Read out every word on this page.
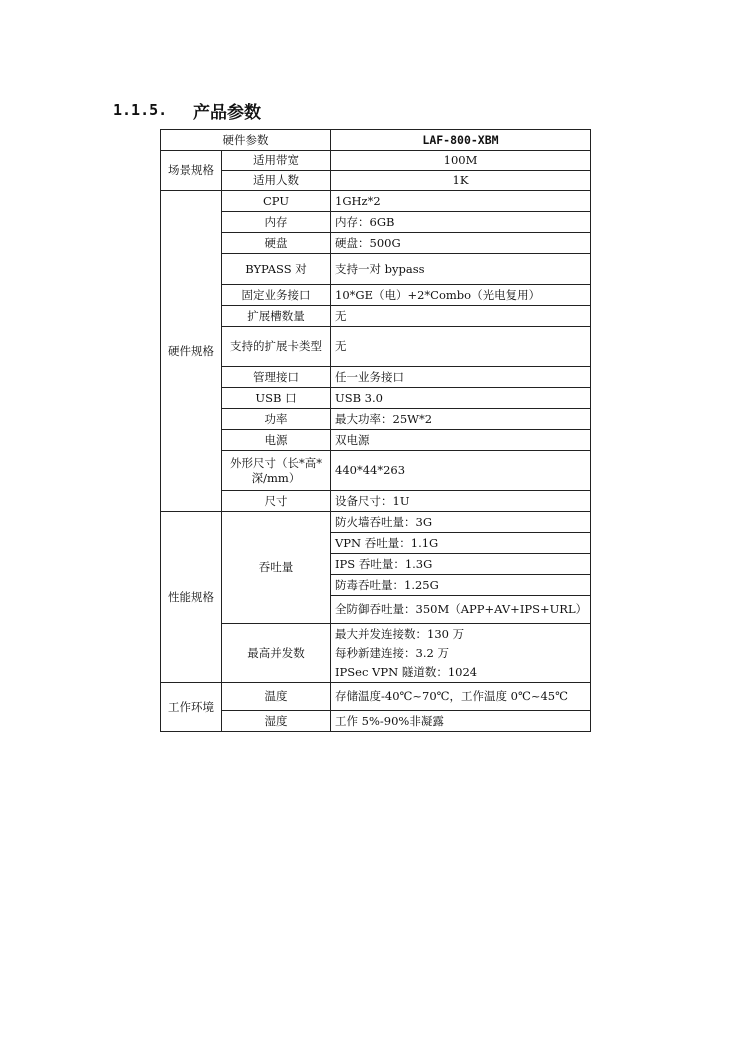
1.1.5.	产品参数
硬件参数		LAF-800-XBM
场景规格	适用带宽	100M
	适用人数	1K
硬件规格	CPU	1GHz*2
	内存	内存：6GB
	硬盘	硬盘：500G
	BYPASS 对	支持一对 bypass
	固定业务接口	10*GE（电）+2*Combo（光电复用）
	扩展槽数量	无
	支持的扩展卡类型	无
	管理接口	任一业务接口
	USB 口	USB 3.0
	功率	最大功率：25W*2
	电源	双电源
	外形尺寸（长*高*深/mm）	440*44*263
	尺寸	设备尺寸：1U
性能规格	吞吐量	防火墙吞吐量：3G
		VPN 吞吐量：1.1G
		IPS 吞吐量：1.3G
		防毒吞吐量：1.25G
		全防御吞吐量：350M（APP+AV+IPS+URL）
	最高并发数	最大并发连接数：130 万
每秒新建连接：3.2 万
IPSec VPN 隧道数：1024

工作环境	温度	存储温度-40℃~70℃，工作温度 0℃~45℃
	湿度	工作 5%-90%非凝露
